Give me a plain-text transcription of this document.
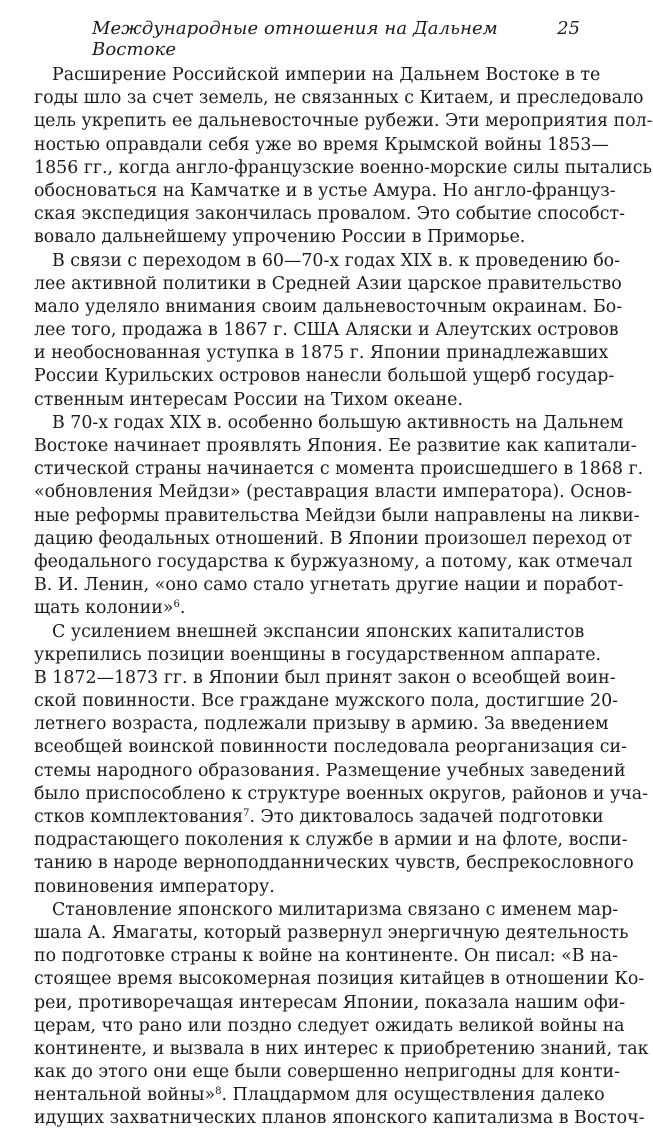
Международные отношения на Дальнем Востоке
25
Расширение Российской империи на Дальнем Востоке в те
годы шло за счет земель, не связанных с Китаем, и преследовало
цель укрепить ее дальневосточные рубежи. Эти мероприятия пол-
ностью оправдали себя уже во время Крымской войны 1853—
1856 гг., когда англо-французские военно-морские силы пытались
обосноваться на Камчатке и в устье Амура. Но англо-француз-
ская экспедиция закончилась провалом. Это событие способст-
вовало дальнейшему упрочению России в Приморье.
В связи с переходом в 60—70-х годах XIX в. к проведению бо-
лее активной политики в Средней Азии царское правительство
мало уделяло внимания своим дальневосточным окраинам. Бо-
лее того, продажа в 1867 г. США Аляски и Алеутских островов
и необоснованная уступка в 1875 г. Японии принадлежавших
России Курильских островов нанесли большой ущерб государ-
ственным интересам России на Тихом океане.
В 70-х годах XIX в. особенно большую активность на Дальнем
Востоке начинает проявлять Япония. Ее развитие как капитали-
стической страны начинается с момента происшедшего в 1868 г.
«обновления Мейдзи» (реставрация власти императора). Основ-
ные реформы правительства Мейдзи были направлены на ликви-
дацию феодальных отношений. В Японии произошел переход от
феодального государства к буржуазному, а потому, как отмечал
В. И. Ленин, «оно само стало угнетать другие нации и поработ-
щать колонии»$^6$.
С усилением внешней экспансии японских капиталистов
укрепились позиции военщины в государственном аппарате.
В 1872—1873 гг. в Японии был принят закон о всеобщей воин-
ской повинности. Все граждане мужского пола, достигшие 20-
летнего возраста, подлежали призыву в армию. За введением
всеобщей воинской повинности последовала реорганизация си-
стемы народного образования. Размещение учебных заведений
было приспособлено к структуре военных округов, районов и уча-
стков комплектования$^7$. Это диктовалось задачей подготовки
подрастающего поколения к службе в армии и на флоте, воспи-
танию в народе верноподданнических чувств, беспрекословного
повиновения императору.
Становление японского милитаризма связано с именем мар-
шала А. Ямагаты, который развернул энергичную деятельность
по подготовке страны к войне на континенте. Он писал: «В на-
стоящее время высокомерная позиция китайцев в отношении Ко-
реи, противоречащая интересам Японии, показала нашим офи-
церам, что рано или поздно следует ожидать великой войны на
континенте, и вызвала в них интерес к приобретению знаний, так
как до этого они еще были совершенно непригодны для конти-
нентальной войны»$^8$. Плацдармом для осуществления далеко
идущих захватнических планов японского капитализма в Восточ-
